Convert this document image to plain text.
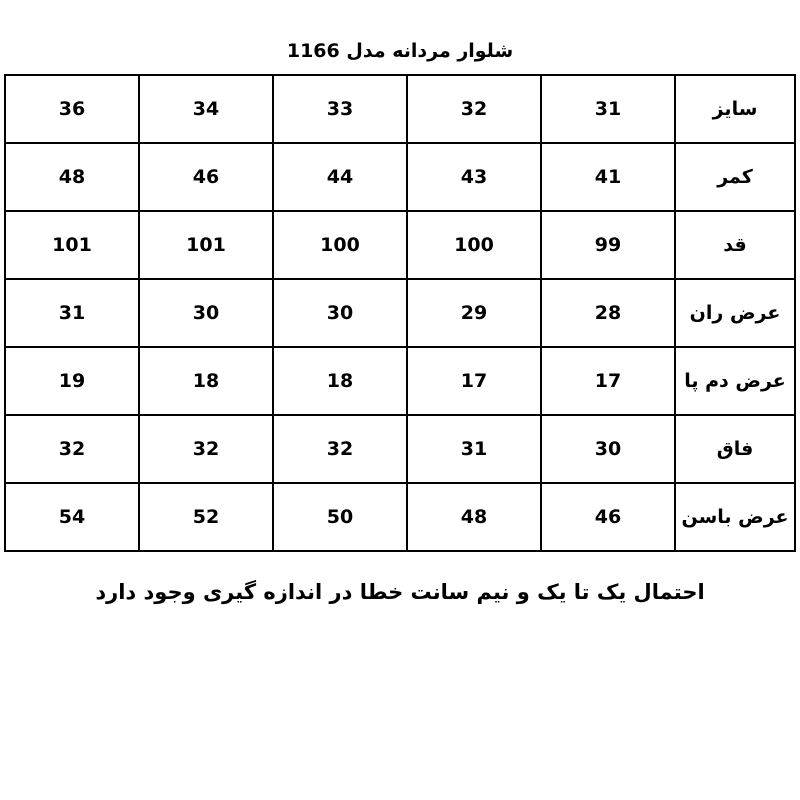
شلوار مردانه مدل 1166
سایز	31	32	33	34	36
کمر	41	43	44	46	48
قد	99	100	100	101	101
عرض ران	28	29	30	30	31
عرض دم پا	17	17	18	18	19
فاق	30	31	32	32	32
عرض باسن	46	48	50	52	54
احتمال یک تا یک و نیم سانت خطا در اندازه گیری وجود دارد
